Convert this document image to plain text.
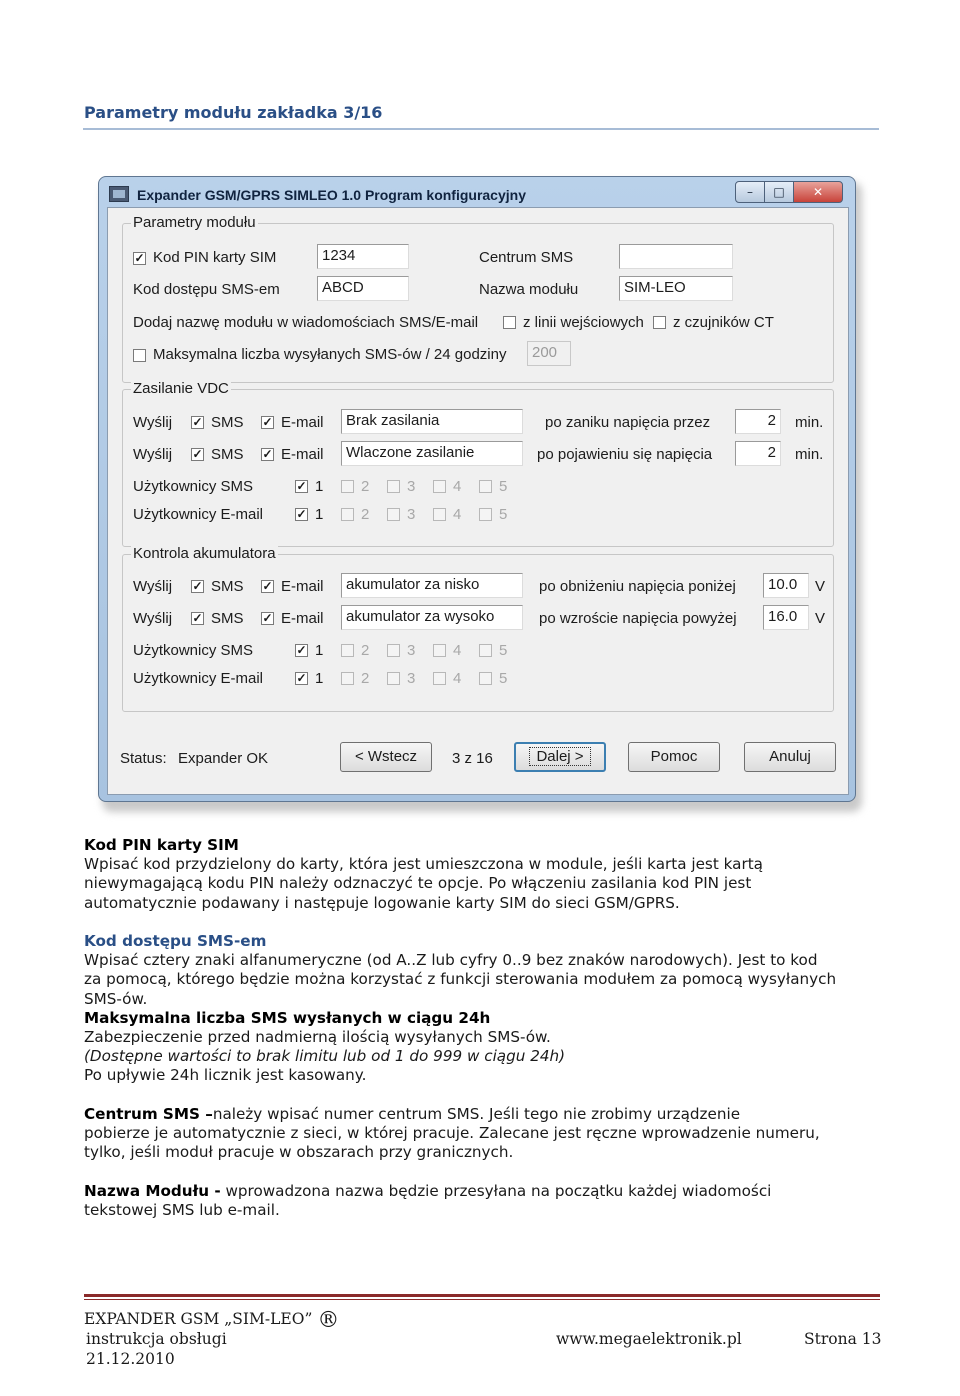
Parametry modułu zakładka 3/16
Expander GSM/GPRS SIMLEO 1.0 Program konfiguracyjny	–	□	✕
Parametry modułu
✓ Kod PIN karty SIM	1234
Kod dostępu SMS-em	ABCD
Centrum SMS
Nazwa modułu	SIM-LEO
Dodaj nazwę modułu w wiadomościach SMS/E-mail	z linii wejściowych z czujników CT
Maksymalna liczba wysyłanych SMS-ów / 24 godziny	200
Zasilanie VDC
Wyślij ✓ SMS ✓ E-mail	Brak zasilania	po zaniku napięcia przez	2	min.
Wyślij ✓ SMS ✓ E-mail	Wlaczone zasilanie	po pojawieniu się napięcia	2	min.
Użytkownicy SMS	✓ 1	2	3	4	5
Użytkownicy E-mail	✓ 1	2	3	4	5
Kontrola akumulatora
Wyślij ✓ SMS ✓ E-mail	akumulator za nisko	po obniżeniu napięcia poniżej	10.0	V
Wyślij ✓ SMS ✓ E-mail	akumulator za wysoko	po wzroście napięcia powyżej	16.0	V
Użytkownicy SMS	✓ 1	2	3	4	5
Użytkownicy E-mail	✓ 1	2	3	4	5
Status: Expander OK	< Wstecz	3 z 16	Dalej >	Pomoc	Anuluj
Kod PIN karty SIM
Wpisać kod przydzielony do karty, która jest umieszczona w module, jeśli karta jest kartą
niewymagającą kodu PIN należy odznaczyć te opcje. Po włączeniu zasilania kod PIN jest
automatycznie podawany i następuje logowanie karty SIM do sieci GSM/GPRS.
Kod dostępu SMS-em
Wpisać cztery znaki alfanumeryczne (od A..Z lub cyfry 0..9 bez znaków narodowych). Jest to kod
za pomocą, którego będzie można korzystać z funkcji sterowania modułem za pomocą wysyłanych
SMS-ów.
Maksymalna liczba SMS wysłanych w ciągu 24h
Zabezpieczenie przed nadmierną ilością wysyłanych SMS-ów.
(Dostępne wartości to brak limitu lub od 1 do 999 w ciągu 24h)
Po upływie 24h licznik jest kasowany.
Centrum SMS –należy wpisać numer centrum SMS. Jeśli tego nie zrobimy urządzenie
pobierze je automatycznie z sieci, w której pracuje. Zalecane jest ręczne wprowadzenie numeru,
tylko, jeśli moduł pracuje w obszarach przy granicznych.
Nazwa Modułu - wprowadzona nazwa będzie przesyłana na początku każdej wiadomości
tekstowej SMS lub e-mail.
EXPANDER GSM „SIM-LEO” ®
instrukcja obsługi
21.12.2010
www.megaelektronik.pl	Strona 13
